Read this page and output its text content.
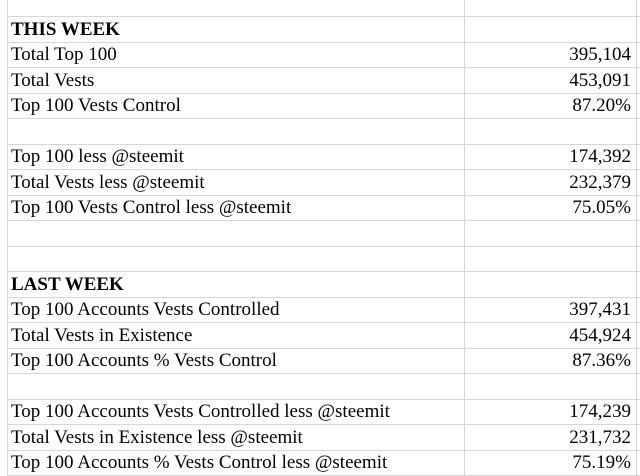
THIS WEEK		
Total Top 100	395,104	
Total Vests	453,091	
Top 100 Vests Control	87.20%	

Top 100 less @steemit	174,392	
Total Vests less @steemit	232,379	
Top 100 Vests Control less @steemit	75.05%	

LAST WEEK		
Top 100 Accounts Vests Controlled	397,431	
Total Vests in Existence	454,924	
Top 100 Accounts % Vests Control	87.36%	

Top 100 Accounts Vests Controlled less @steemit	174,239	
Total Vests in Existence less @steemit	231,732	
Top 100 Accounts % Vests Control less @steemit	75.19%	
